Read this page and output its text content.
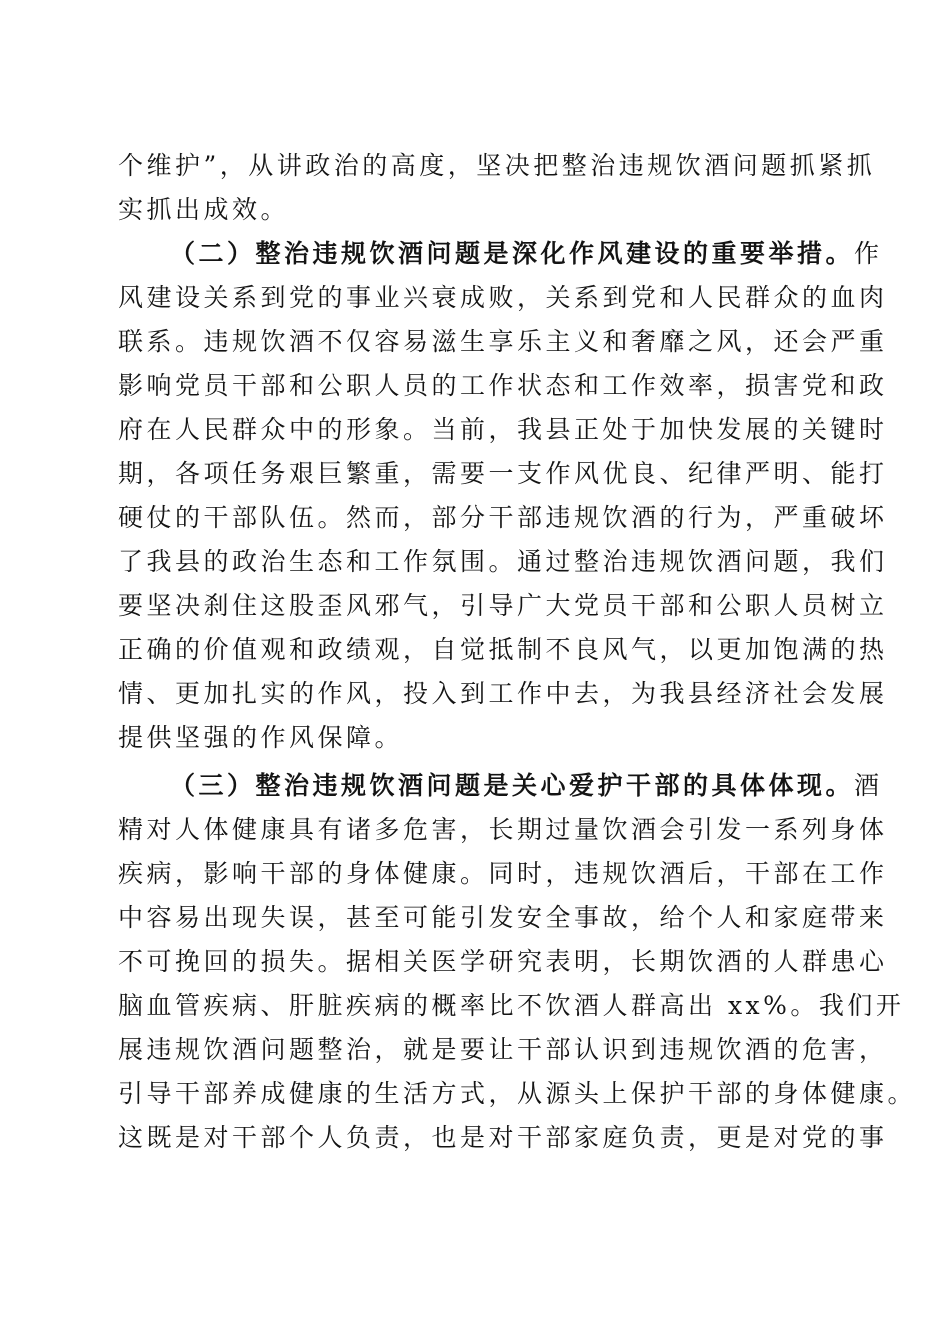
个维护”，从讲政治的高度，坚决把整治违规饮酒问题抓紧抓
实抓出成效。
（二）整治违规饮酒问题是深化作风建设的重要举措。作
风建设关系到党的事业兴衰成败，关系到党和人民群众的血肉
联系。违规饮酒不仅容易滋生享乐主义和奢靡之风，还会严重
影响党员干部和公职人员的工作状态和工作效率，损害党和政
府在人民群众中的形象。当前，我县正处于加快发展的关键时
期，各项任务艰巨繁重，需要一支作风优良、纪律严明、能打
硬仗的干部队伍。然而，部分干部违规饮酒的行为，严重破坏
了我县的政治生态和工作氛围。通过整治违规饮酒问题，我们
要坚决刹住这股歪风邪气，引导广大党员干部和公职人员树立
正确的价值观和政绩观，自觉抵制不良风气，以更加饱满的热
情、更加扎实的作风，投入到工作中去，为我县经济社会发展
提供坚强的作风保障。
（三）整治违规饮酒问题是关心爱护干部的具体体现。酒
精对人体健康具有诸多危害，长期过量饮酒会引发一系列身体
疾病，影响干部的身体健康。同时，违规饮酒后，干部在工作
中容易出现失误，甚至可能引发安全事故，给个人和家庭带来
不可挽回的损失。据相关医学研究表明，长期饮酒的人群患心
脑血管疾病、肝脏疾病的概率比不饮酒人群高出 xx%。我们开
展违规饮酒问题整治，就是要让干部认识到违规饮酒的危害，
引导干部养成健康的生活方式，从源头上保护干部的身体健康。
这既是对干部个人负责，也是对干部家庭负责，更是对党的事
